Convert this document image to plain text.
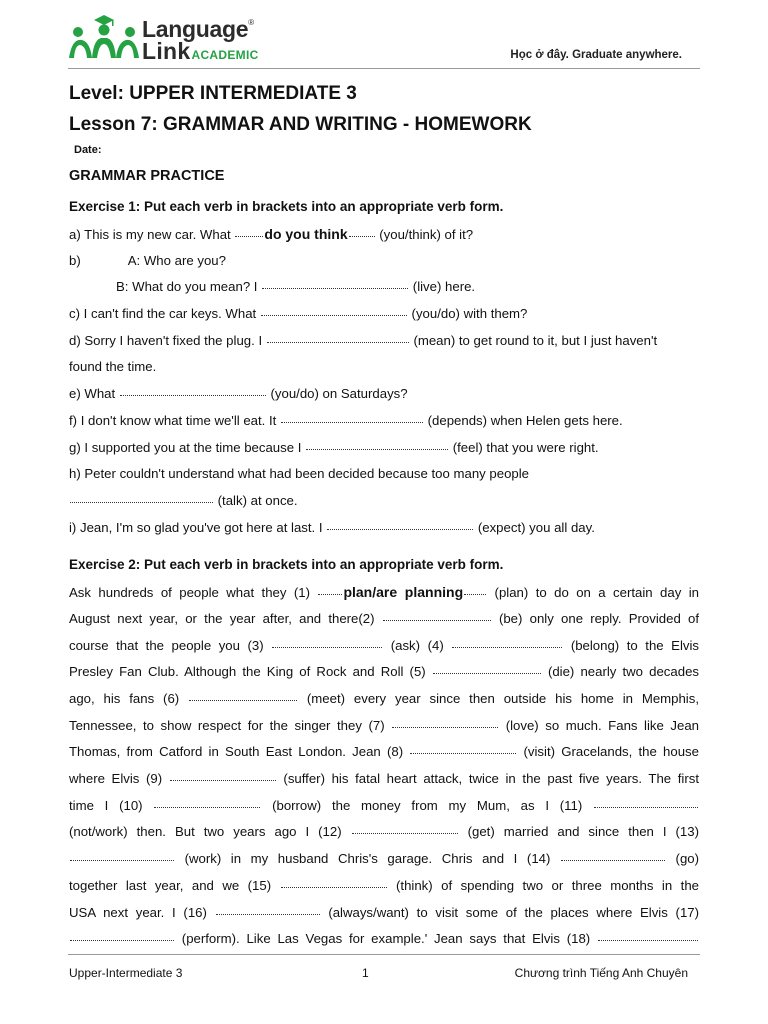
Language®
LinkACADEMIC	Học ở đây. Graduate anywhere.
Level: UPPER INTERMEDIATE 3
Lesson 7: GRAMMAR AND WRITING - HOMEWORK
Date:
GRAMMAR PRACTICE
Exercise 1: Put each verb in brackets into an appropriate verb form.
a) This is my new car. What do you think (you/think) of it?
b)	A: Who are you?
B: What do you mean? I	(live) here.
c) I can't find the car keys. What	(you/do) with them?
d) Sorry I haven't fixed the plug. I	(mean) to get round to it, but I just haven't
found the time.
e) What	(you/do) on Saturdays?
f) I don't know what time we'll eat. It	(depends) when Helen gets here.
g) I supported you at the time because I	(feel) that you were right.
h) Peter couldn't understand what had been decided because too many people
(talk) at once.
i) Jean, I'm so glad you've got here at last. I	(expect) you all day.
Exercise 2: Put each verb in brackets into an appropriate verb form.
Ask hundreds of people what they (1) plan/are planning (plan) to do on a certain day in
August next year, or the year after, and there(2)	(be) only one reply. Provided of
course that the people you (3)	(ask) (4)	(belong) to the Elvis
Presley Fan Club. Although the King of Rock and Roll (5)	(die) nearly two decades
ago, his fans (6)	(meet) every year since then outside his home in Memphis,
Tennessee, to show respect for the singer they (7)	(love) so much. Fans like Jean
Thomas, from Catford in South East London. Jean (8)	(visit) Gracelands, the house
where Elvis (9)	(suffer) his fatal heart attack, twice in the past five years. The first
time I (10)	(borrow) the money from my Mum, as I (11)
(not/work) then. But two years ago I (12)	(get) married and since then I (13)
(work) in my husband Chris's garage. Chris and I (14)	(go)
together last year, and we (15)	(think) of spending two or three months in the
USA next year. I (16)	(always/want) to visit some of the places where Elvis (17)
(perform). Like Las Vegas for example.' Jean says that Elvis (18)
Upper-Intermediate 3	1	Chương trình Tiếng Anh Chuyên
